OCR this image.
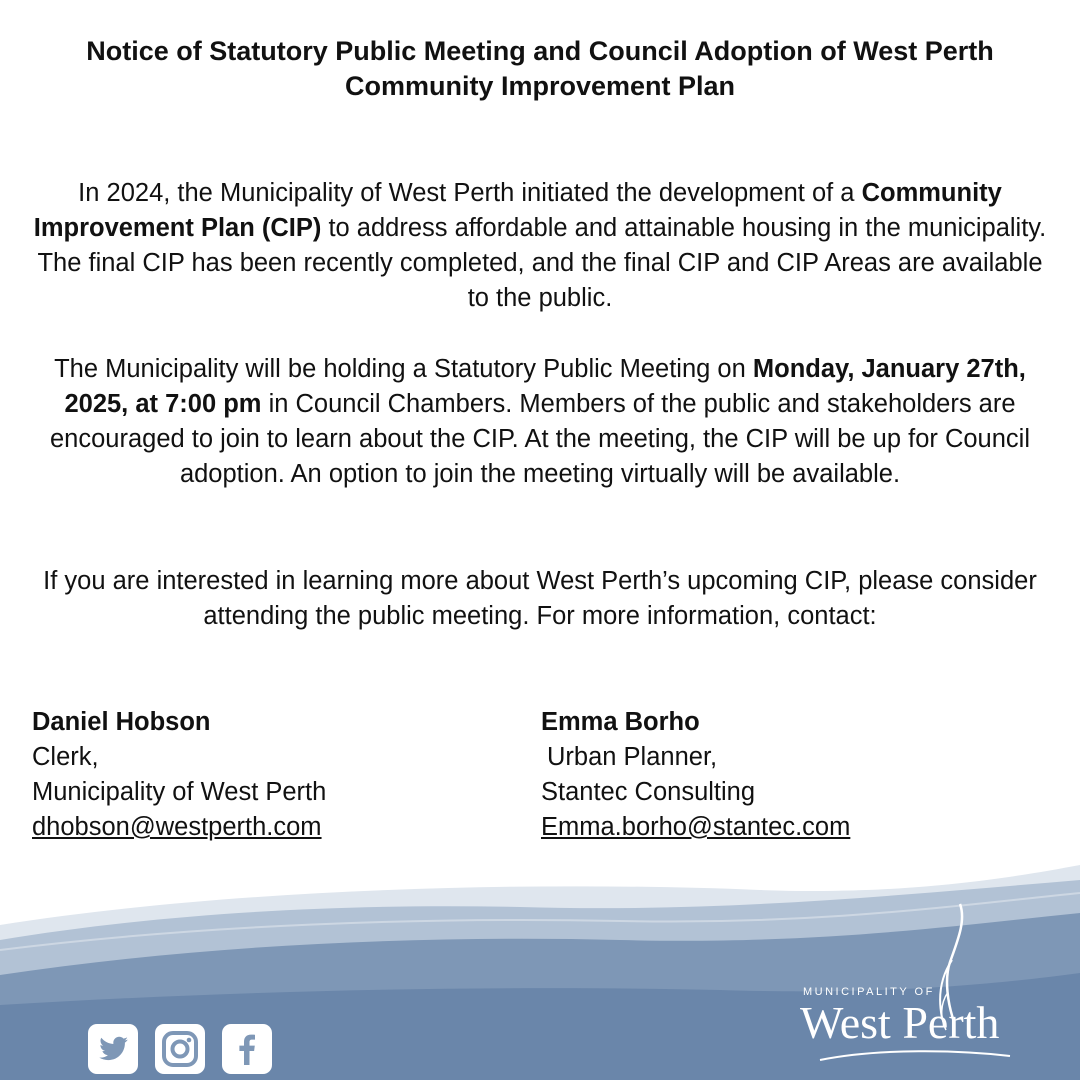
Notice of Statutory Public Meeting and Council Adoption of West Perth Community Improvement Plan

In 2024, the Municipality of West Perth initiated the development of a Community Improvement Plan (CIP) to address affordable and attainable housing in the municipality. The final CIP has been recently completed, and the final CIP and CIP Areas are available to the public.

The Municipality will be holding a Statutory Public Meeting on Monday, January 27th, 2025, at 7:00 pm in Council Chambers. Members of the public and stakeholders are encouraged to join to learn about the CIP. At the meeting, the CIP will be up for Council adoption. An option to join the meeting virtually will be available.

If you are interested in learning more about West Perth’s upcoming CIP, please consider attending the public meeting. For more information, contact:

Daniel Hobson
Clerk,
Municipality of West Perth
dhobson@westperth.com
Emma Borho
Urban Planner,
Stantec Consulting
Emma.borho@stantec.com
MUNICIPALITY OF
West Perth
